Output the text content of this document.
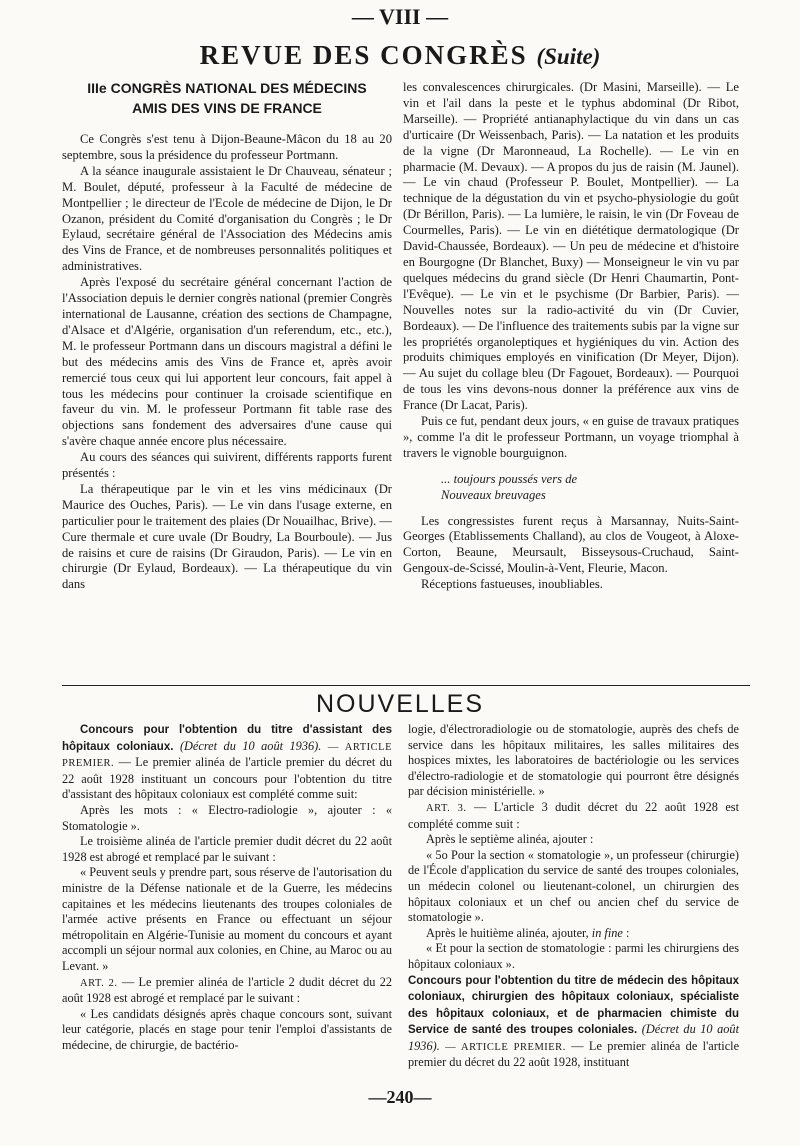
— VIII —
REVUE DES CONGRÈS (Suite)
IIIe CONGRÈS NATIONAL DES MÉDECINS
AMIS DES VINS DE FRANCE

Ce Congrès s'est tenu à Dijon-Beaune-Mâcon du 18 au 20 septembre, sous la présidence du professeur Portmann.

A la séance inaugurale assistaient le Dr Chauveau, sénateur ; M. Boulet, député, professeur à la Faculté de médecine de Montpellier ; le directeur de l'Ecole de médecine de Dijon, le Dr Ozanon, président du Comité d'organisation du Congrès ; le Dr Eylaud, secrétaire général de l'Association des Médecins amis des Vins de France, et de nombreuses personnalités politiques et administratives.

Après l'exposé du secrétaire général concernant l'action de l'Association depuis le dernier congrès national (premier Congrès international de Lausanne, création des sections de Champagne, d'Alsace et d'Algérie, organisation d'un referendum, etc., etc.), M. le professeur Portmann dans un discours magistral a défini le but des médecins amis des Vins de France et, après avoir remercié tous ceux qui lui apportent leur concours, fait appel à tous les médecins pour continuer la croisade scientifique en faveur du vin. M. le professeur Portmann fit table rase des objections sans fondement des adversaires d'une cause qui s'avère chaque année encore plus nécessaire.

Au cours des séances qui suivirent, différents rapports furent présentés :

La thérapeutique par le vin et les vins médicinaux (Dr Maurice des Ouches, Paris). — Le vin dans l'usage externe, en particulier pour le traitement des plaies (Dr Nouailhac, Brive). — Cure thermale et cure uvale (Dr Boudry, La Bourboule). — Jus de raisins et cure de raisins (Dr Giraudon, Paris). — Le vin en chirurgie (Dr Eylaud, Bordeaux). — La thérapeutique du vin dans

les convalescences chirurgicales. (Dr Masini, Marseille). — Le vin et l'ail dans la peste et le typhus abdominal (Dr Ribot, Marseille). — Propriété antianaphylactique du vin dans un cas d'urticaire (Dr Weissenbach, Paris). — La natation et les produits de la vigne (Dr Maronneaud, La Rochelle). — Le vin en pharmacie (M. Devaux). — A propos du jus de raisin (M. Jaunel). — Le vin chaud (Professeur P. Boulet, Montpellier). — La technique de la dégustation du vin et psycho-physiologie du goût (Dr Bérillon, Paris). — La lumière, le raisin, le vin (Dr Foveau de Courmelles, Paris). — Le vin en diététique dermatologique (Dr David-Chaussée, Bordeaux). — Un peu de médecine et d'histoire en Bourgogne (Dr Blanchet, Buxy) — Monseigneur le vin vu par quelques médecins du grand siècle (Dr Henri Chaumartin, Pont-l'Evêque). — Le vin et le psychisme (Dr Barbier, Paris). — Nouvelles notes sur la radio-activité du vin (Dr Cuvier, Bordeaux). — De l'influence des traitements subis par la vigne sur les propriétés organoleptiques et hygiéniques du vin. Action des produits chimiques employés en vinification (Dr Meyer, Dijon). — Au sujet du collage bleu (Dr Fagouet, Bordeaux). — Pourquoi de tous les vins devons-nous donner la préférence aux vins de France (Dr Lacat, Paris).

Puis ce fut, pendant deux jours, « en guise de travaux pratiques », comme l'a dit le professeur Portmann, un voyage triomphal à travers le vignoble bourguignon.

... toujours poussés vers de
Nouveaux breuvages

Les congressistes furent reçus à Marsannay, Nuits-Saint-Georges (Etablissements Challand), au clos de Vougeot, à Aloxe-Corton, Beaune, Meursault, Bisseysous-Cruchaud, Saint-Gengoux-de-Scissé, Moulin-à-Vent, Fleurie, Macon.

Réceptions fastueuses, inoubliables.

NOUVELLES

Concours pour l'obtention du titre d'assistant des hôpitaux coloniaux. (Décret du 10 août 1936). — ARTICLE PREMIER. — Le premier alinéa de l'article premier du décret du 22 août 1928 instituant un concours pour l'obtention du titre d'assistant des hôpitaux coloniaux est complété comme suit:

Après les mots : « Electro-radiologie », ajouter : « Stomatologie ».

Le troisième alinéa de l'article premier dudit décret du 22 août 1928 est abrogé et remplacé par le suivant :

« Peuvent seuls y prendre part, sous réserve de l'autorisation du ministre de la Défense nationale et de la Guerre, les médecins capitaines et les médecins lieutenants des troupes coloniales de l'armée active présents en France ou effectuant un séjour métropolitain en Algérie-Tunisie au moment du concours et ayant accompli un séjour normal aux colonies, en Chine, au Maroc ou au Levant. »

ART. 2. — Le premier alinéa de l'article 2 dudit décret du 22 août 1928 est abrogé et remplacé par le suivant :

« Les candidats désignés après chaque concours sont, suivant leur catégorie, placés en stage pour tenir l'emploi d'assistants de médecine, de chirurgie, de bactério-

logie, d'électroradiologie ou de stomatologie, auprès des chefs de service dans les hôpitaux militaires, les salles militaires des hospices mixtes, les laboratoires de bactériologie ou les services d'électro-radiologie et de stomatologie qui pourront être désignés par décision ministérielle. »

ART. 3. — L'article 3 dudit décret du 22 août 1928 est complété comme suit :

Après le septième alinéa, ajouter :

« 5o Pour la section « stomatologie », un professeur (chirurgie) de l'École d'application du service de santé des troupes coloniales, un médecin colonel ou lieutenant-colonel, un chirurgien des hôpitaux coloniaux et un chef ou ancien chef du service de stomatologie ».

Après le huitième alinéa, ajouter, in fine :

« Et pour la section de stomatologie : parmi les chirurgiens des hôpitaux coloniaux ».

Concours pour l'obtention du titre de médecin des hôpitaux coloniaux, chirurgien des hôpitaux coloniaux, spécialiste des hôpitaux coloniaux, et de pharmacien chimiste du Service de santé des troupes coloniales. (Décret du 10 août 1936). — ARTICLE PREMIER. — Le premier alinéa de l'article premier du décret du 22 août 1928, instituant

—240—
